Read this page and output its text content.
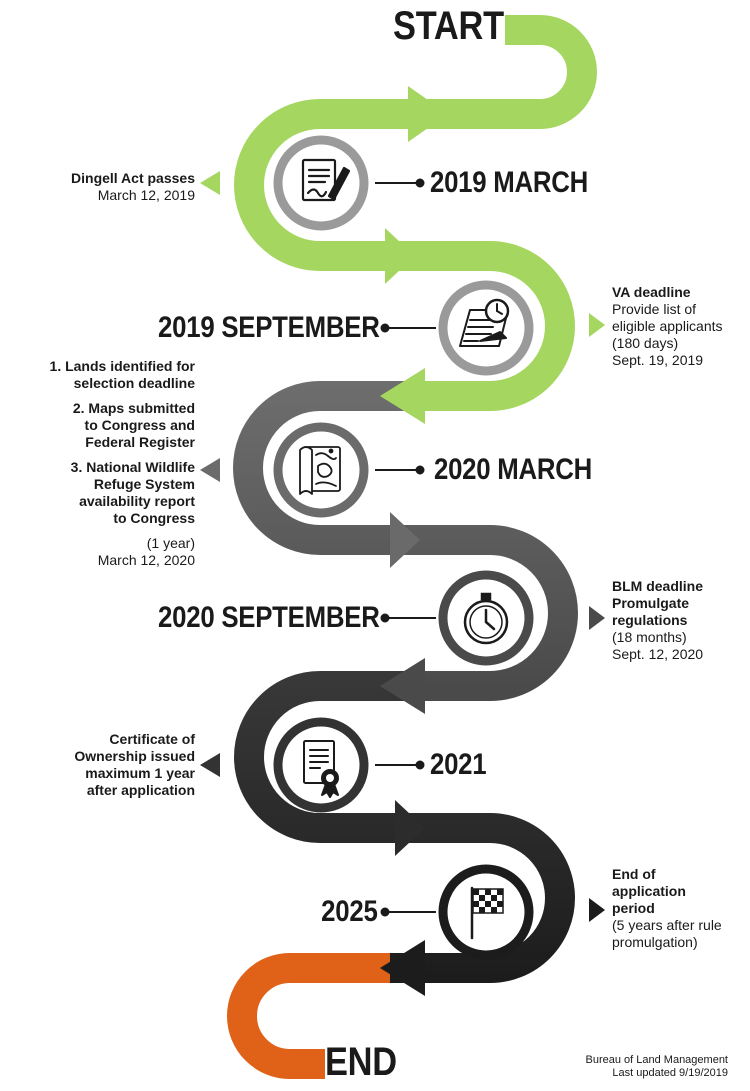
START
END
2019 MARCH
2019 SEPTEMBER
2020 MARCH
2020 SEPTEMBER
2021
2025
Dingell Act passes
March 12, 2019
VA deadline
Provide list of
eligible applicants
(180 days)
Sept. 19, 2019
1. Lands identified for
selection deadline
2. Maps submitted
to Congress and
Federal Register
3. National Wildlife
Refuge System
availability report
to Congress
(1 year)
March 12, 2020
BLM deadline
Promulgate
regulations
(18 months)
Sept. 12, 2020
Certificate of
Ownership issued
maximum 1 year
after application
End of
application
period
(5 years after rule
promulgation)
Bureau of Land Management
Last updated 9/19/2019
